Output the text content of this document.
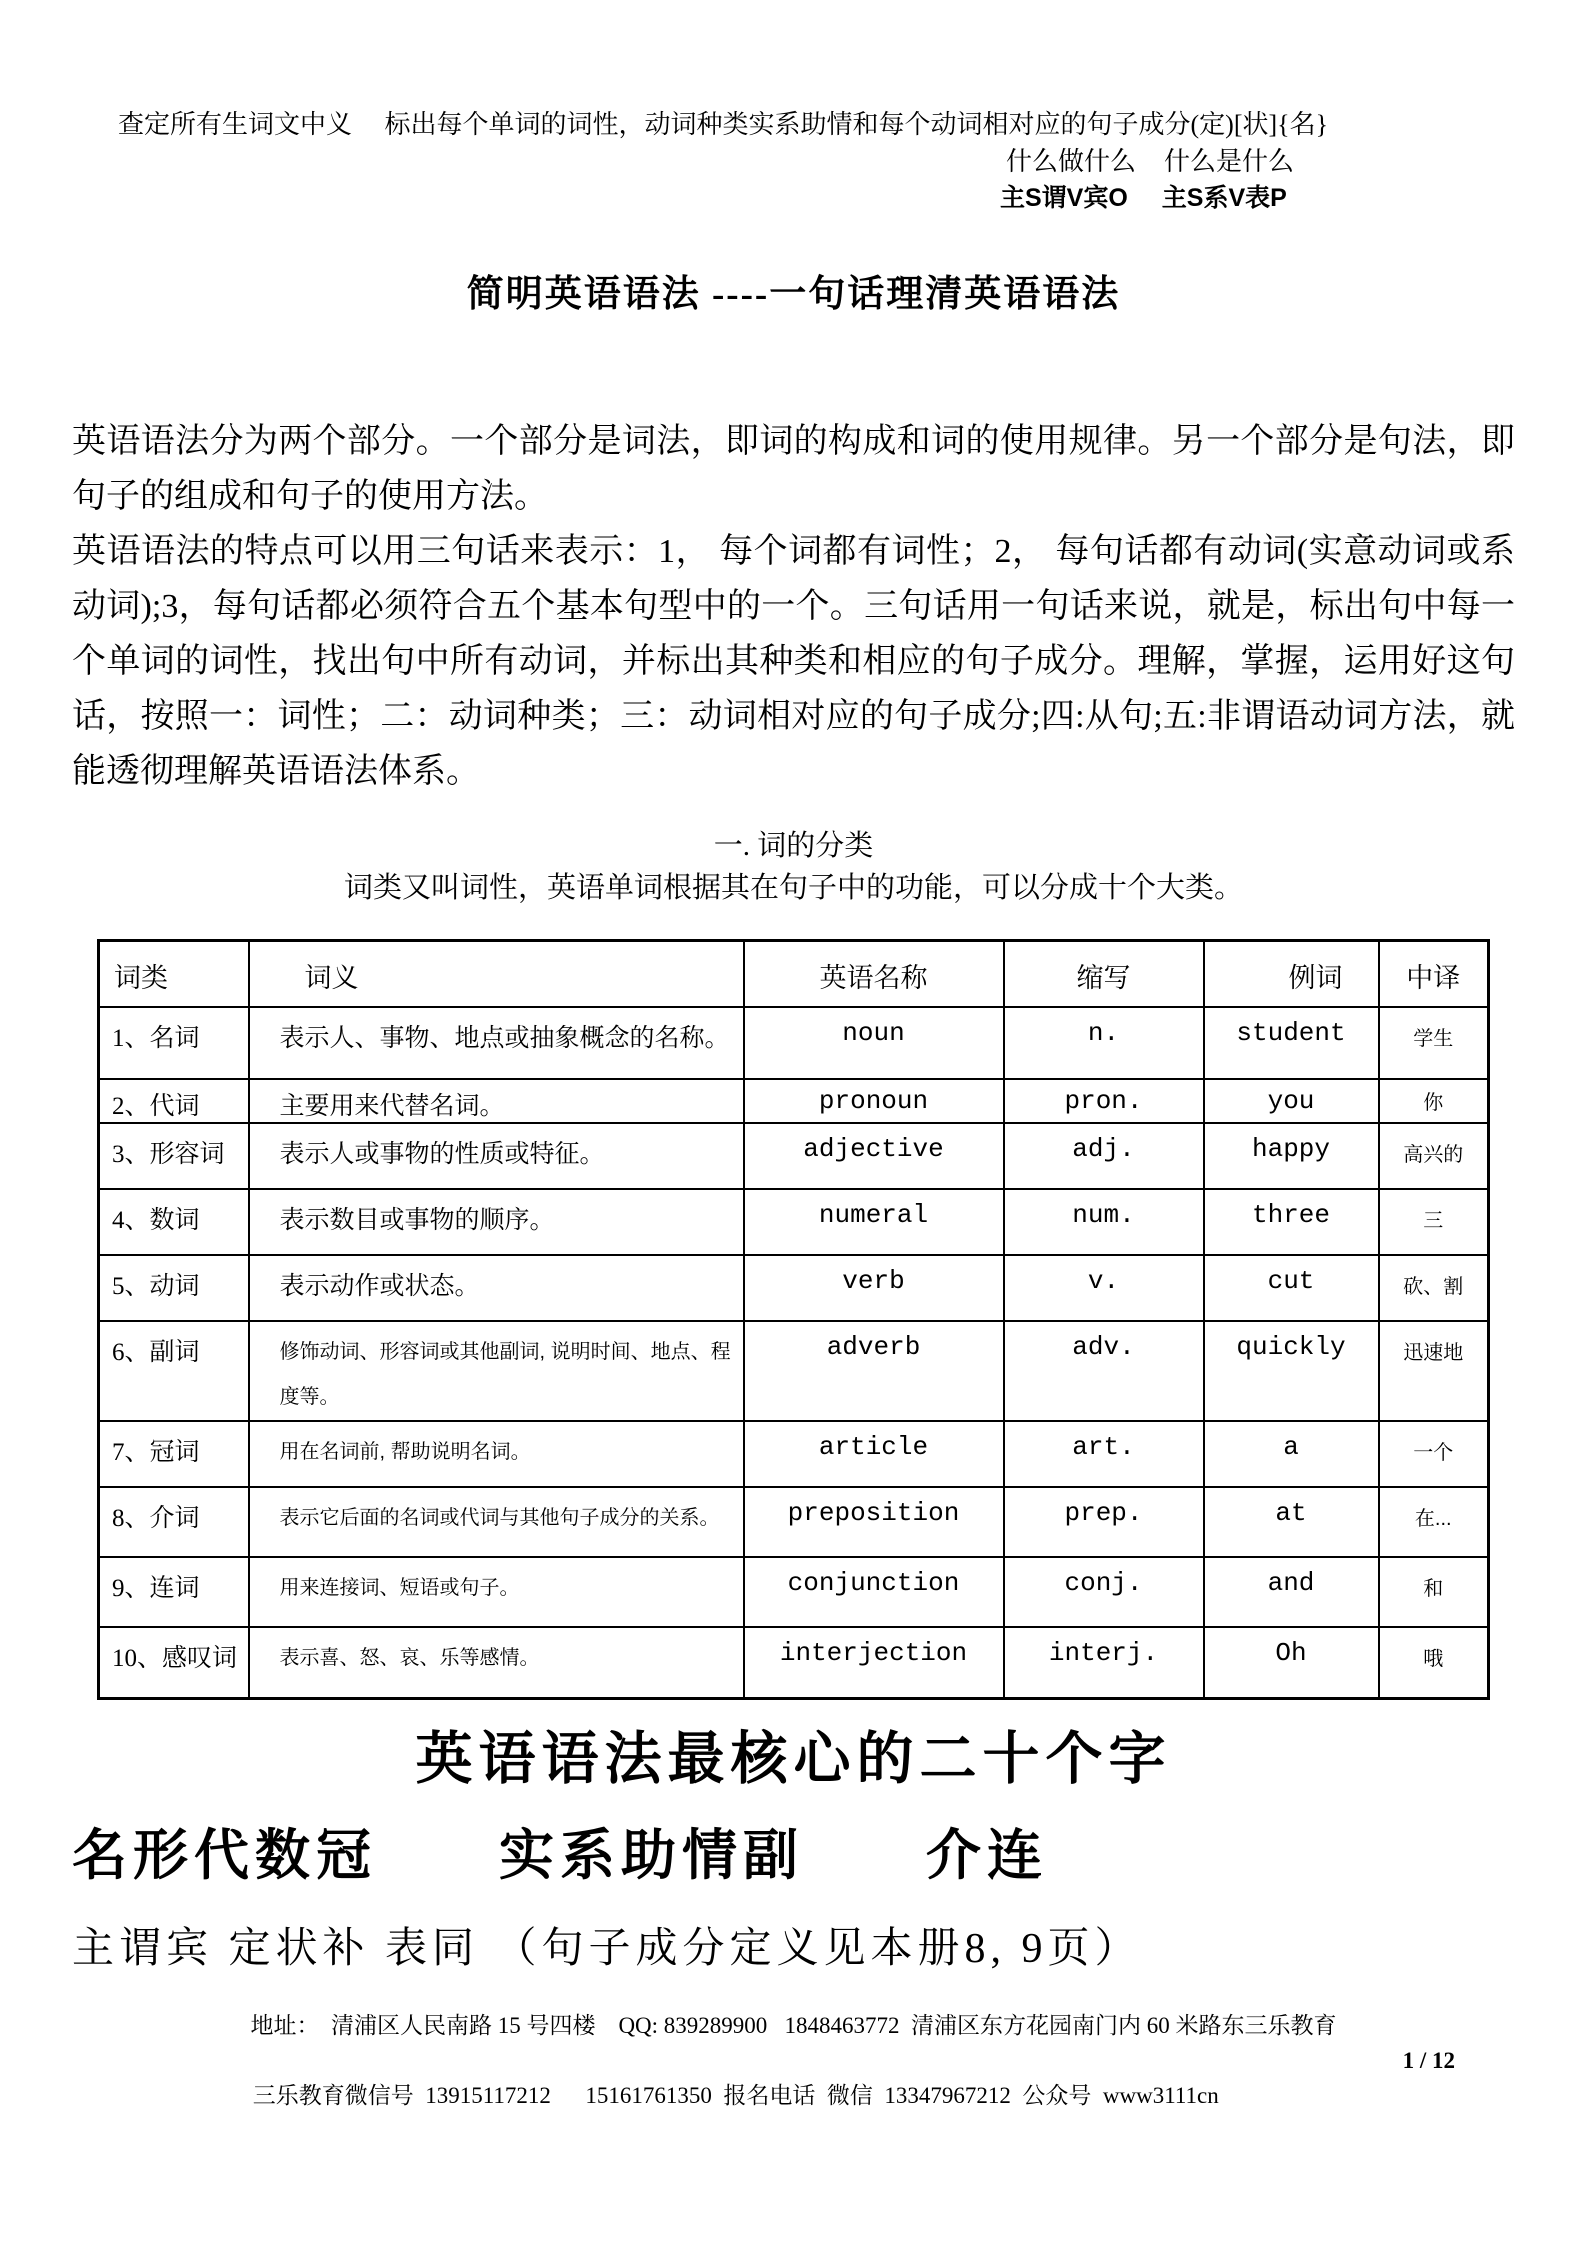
查定所有生词文中义　 标出每个单词的词性，动词种类实系助情和每个动词相对应的句子成分(定)[状]{名}
什么做什么 什么是什么
主S谓V宾O 主S系V表P
简明英语语法 ----一句话理清英语语法

英语语法分为两个部分。一个部分是词法，即词的构成和词的使用规律。另一个部分是句法，即句子的组成和句子的使用方法。

英语语法的特点可以用三句话来表示：1， 每个词都有词性；2， 每句话都有动词(实意动词或系动词);3，每句话都必须符合五个基本句型中的一个。三句话用一句话来说，就是，标出句中每一个单词的词性，找出句中所有动词，并标出其种类和相应的句子成分。理解，掌握，运用好这句话，按照一：词性；二：动词种类；三：动词相对应的句子成分;四:从句;五:非谓语动词方法，就能透彻理解英语语法体系。

一. 词的分类
词类又叫词性，英语单词根据其在句子中的功能，可以分成十个大类。
词类	词义	英语名称	缩写	例词	中译
1、名词	表示人、事物、地点或抽象概念的名称。	noun	n.	student	学生
2、代词	主要用来代替名词。	pronoun	pron.	you	你
3、形容词	表示人或事物的性质或特征。	adjective	adj.	happy	高兴的
4、数词	表示数目或事物的顺序。	numeral	num.	three	三
5、动词	表示动作或状态。	verb	v.	cut	砍、割
6、副词	修饰动词、形容词或其他副词, 说明时间、地点、程度等。	adverb	adv.	quickly	迅速地
7、冠词	用在名词前, 帮助说明名词。	article	art.	a	一个
8、介词	表示它后面的名词或代词与其他句子成分的关系。	preposition	prep.	at	在...
9、连词	用来连接词、短语或句子。	conjunction	conj.	and	和
10、感叹词	表示喜、怒、哀、乐等感情。	interjection	interj.	Oh	哦
英语语法最核心的二十个字
名形代数冠　　实系助情副　　介连
主谓宾 定状补 表同 （句子成分定义见本册8, 9页）
地址：  清浦区人民南路 15 号四楼    QQ: 839289900   1848463772  清浦区东方花园南门内 60 米路东三乐教育

三乐教育微信号  13915117212      15161761350  报名电话  微信  13347967212  公众号  www3111cn

1 / 12
